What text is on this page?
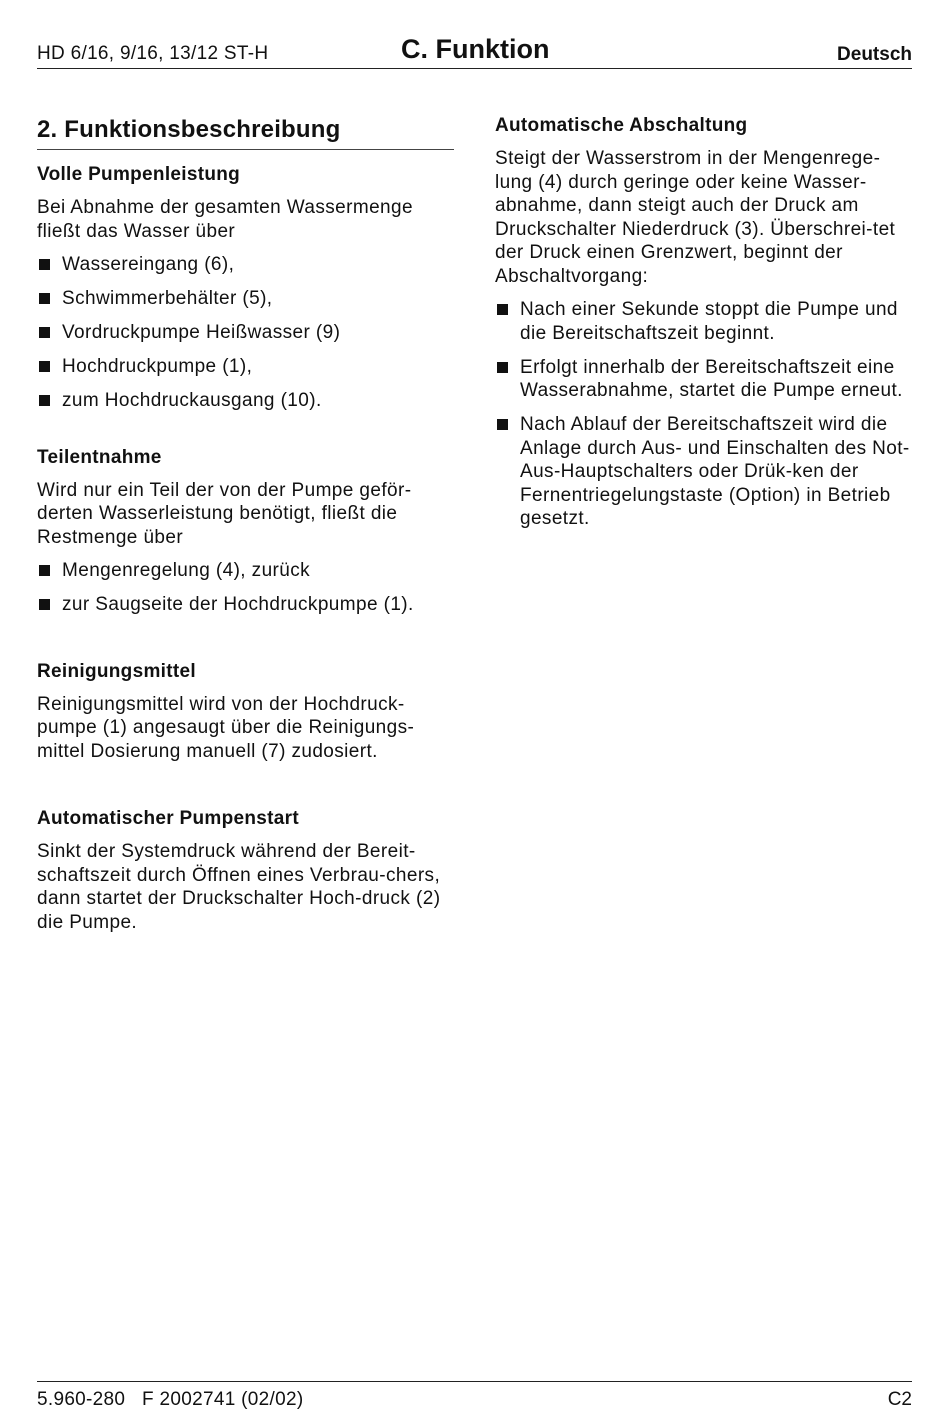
HD 6/16, 9/16, 13/12 ST-H	C. Funktion	Deutsch
2. Funktionsbeschreibung
Volle Pumpenleistung

Bei Abnahme der gesamten Wassermenge fließt das Wasser über

Wassereingang (6),
Schwimmerbehälter (5),
Vordruckpumpe Heißwasser (9)
Hochdruckpumpe (1),
zum Hochdruckausgang (10).
Teilentnahme

Wird nur ein Teil der von der Pumpe geför-derten Wasserleistung benötigt, fließt die Restmenge über

Mengenregelung (4), zurück
zur Saugseite der Hochdruckpumpe (1).
Reinigungsmittel

Reinigungsmittel wird von der Hochdruck-pumpe (1) angesaugt über die Reinigungs-mittel Dosierung manuell (7) zudosiert.

Automatischer Pumpenstart

Sinkt der Systemdruck während der Bereit-schaftszeit durch Öffnen eines Verbrau-chers, dann startet der Druckschalter Hoch-druck (2) die Pumpe.

Automatische Abschaltung

Steigt der Wasserstrom in der Mengenrege-lung (4) durch geringe oder keine Wasser-abnahme, dann steigt auch der Druck am Druckschalter Niederdruck (3). Überschrei-tet der Druck einen Grenzwert, beginnt der Abschaltvorgang:

Nach einer Sekunde stoppt die Pumpe und die Bereitschaftszeit beginnt.
Erfolgt innerhalb der Bereitschaftszeit eine Wasserabnahme, startet die Pumpe erneut.
Nach Ablauf der Bereitschaftszeit wird die Anlage durch Aus- und Einschalten des Not-Aus-Hauptschalters oder Drük-ken der Fernentriegelungstaste (Option) in Betrieb gesetzt.
5.960-280   F 2002741 (02/02)	C2
